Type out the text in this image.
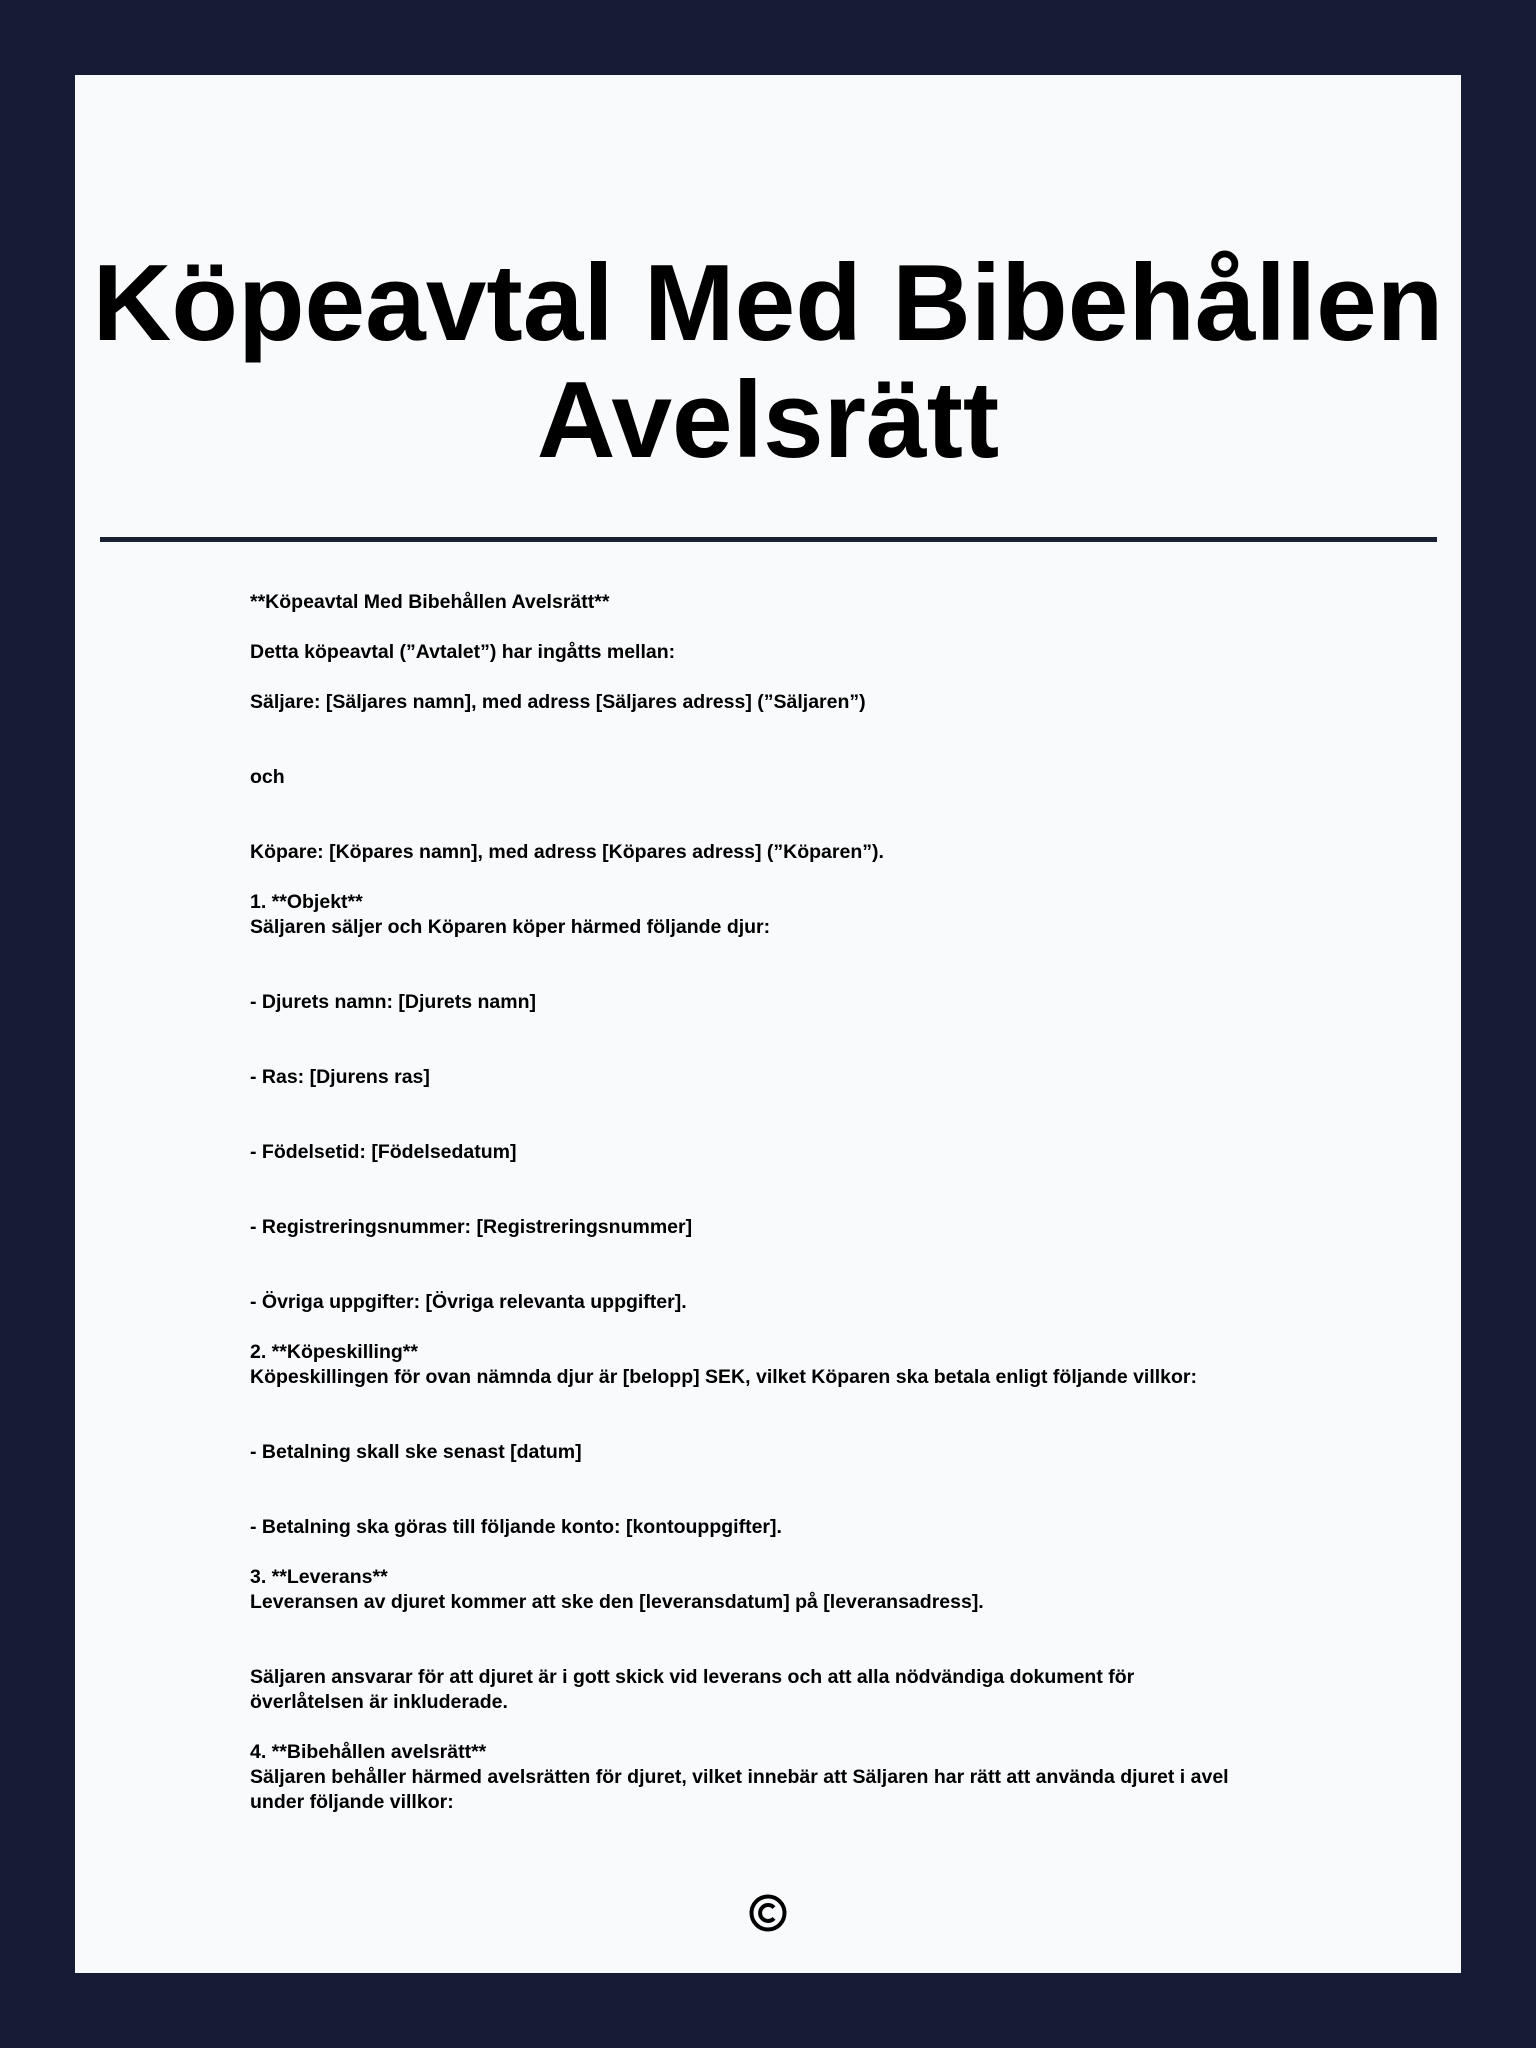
Köpeavtal Med Bibehållen Avelsrätt
**Köpeavtal Med Bibehållen Avelsrätt**
Detta köpeavtal (”Avtalet”) har ingåtts mellan:
Säljare: [Säljares namn], med adress [Säljares adress] (”Säljaren”)
och
Köpare: [Köpares namn], med adress [Köpares adress] (”Köparen”).
1. **Objekt**
Säljaren säljer och Köparen köper härmed följande djur:
- Djurets namn: [Djurets namn]
- Ras: [Djurens ras]
- Födelsetid: [Födelsedatum]
- Registreringsnummer: [Registreringsnummer]
- Övriga uppgifter: [Övriga relevanta uppgifter].
2. **Köpeskilling**
Köpeskillingen för ovan nämnda djur är [belopp] SEK, vilket Köparen ska betala enligt följande villkor:
- Betalning skall ske senast [datum]
- Betalning ska göras till följande konto: [kontouppgifter].
3. **Leverans**
Leveransen av djuret kommer att ske den [leveransdatum] på [leveransadress].
Säljaren ansvarar för att djuret är i gott skick vid leverans och att alla nödvändiga dokument för
överlåtelsen är inkluderade.
4. **Bibehållen avelsrätt**
Säljaren behåller härmed avelsrätten för djuret, vilket innebär att Säljaren har rätt att använda djuret i avel
under följande villkor:
